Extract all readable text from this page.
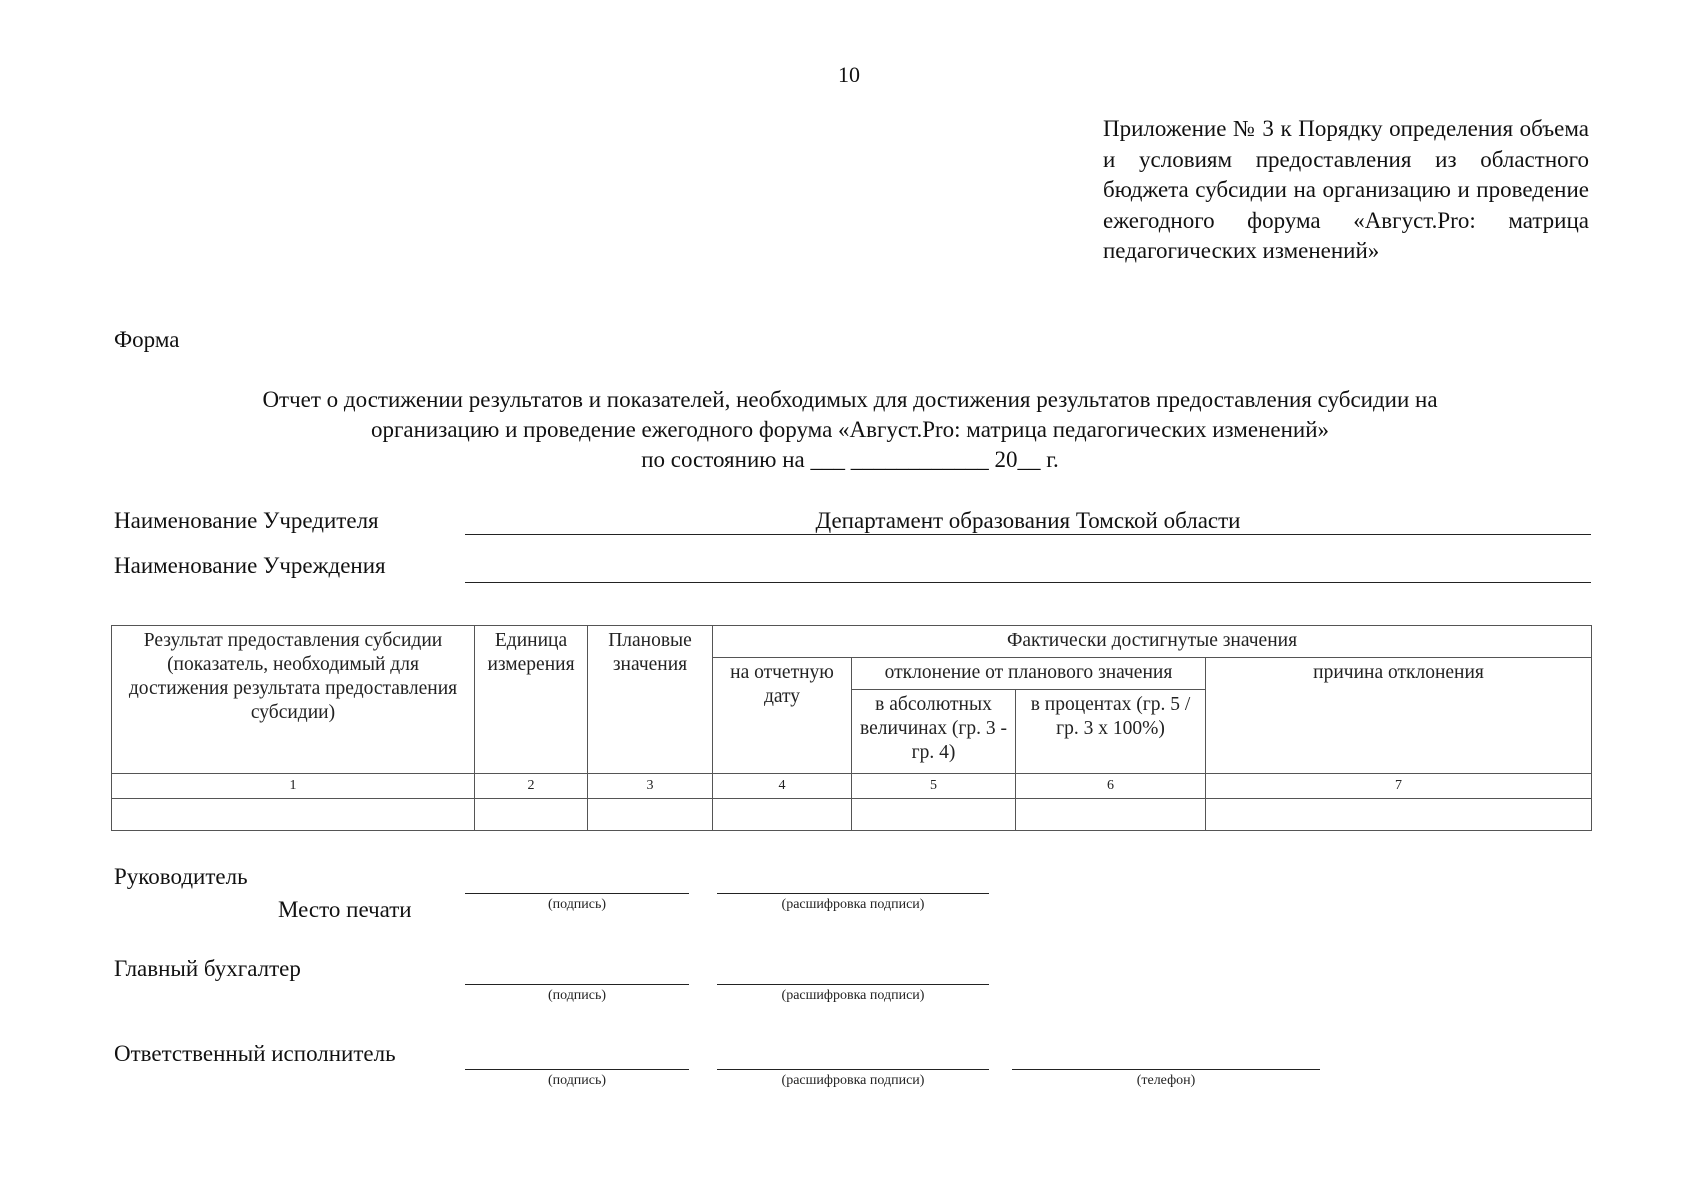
10
Приложение № 3 к Порядку определения объема и условиям предоставления из областного бюджета субсидии на организацию и проведение ежегодного форума «Август.Pro: матрица педагогических изменений»
Форма
Отчет о достижении результатов и показателей, необходимых для достижения результатов предоставления субсидии на
организацию и проведение ежегодного форума «Август.Pro: матрица педагогических изменений»
по состоянию на ___ ____________ 20__ г.
Наименование Учредителя	Департамент образования Томской области
Наименование Учреждения
Результат предоставления субсидии (показатель, необходимый для достижения результата предоставления субсидии)	Единица измерения	Плановые значения	Фактически достигнутые значения			
			на отчетную дату	отклонение от планового значения		причина отклонения
				в абсолютных величинах (гр. 3 - гр. 4)	в процентах (гр. 5 / гр. 3 х 100%)	
1	2	3	4	5	6	7

Руководитель
Место печати	(подпись)	(расшифровка подписи)
Главный бухгалтер
(подпись)	(расшифровка подписи)
Ответственный исполнитель
(подпись)	(расшифровка подписи)	(телефон)
